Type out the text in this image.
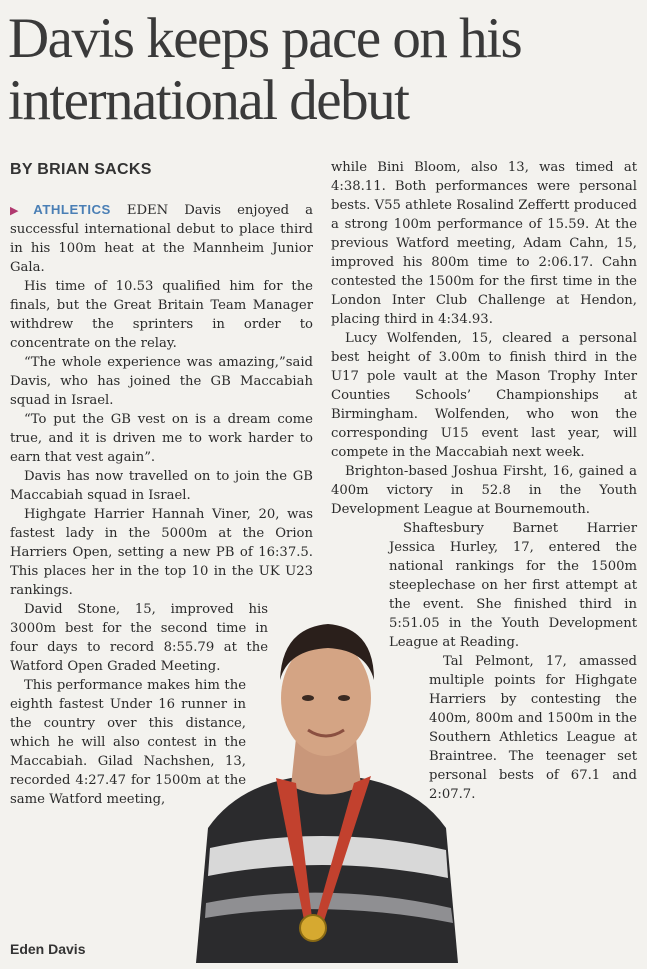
Davis keeps pace on his international debut
BY BRIAN SACKS

▶ ATHLETICS EDEN Davis enjoyed a successful international debut to place third in his 100m heat at the Mannheim Junior Gala.

His time of 10.53 qualified him for the finals, but the Great Britain Team Manager withdrew the sprinters in order to concentrate on the relay.

“The whole experience was amazing,”said Davis, who has joined the GB Maccabiah squad in Israel.

“To put the GB vest on is a dream come true, and it is driven me to work harder to earn that vest again”.

Davis has now travelled on to join the GB Maccabiah squad in Israel.

Highgate Harrier Hannah Viner, 20, was fastest lady in the 5000m at the Orion Harriers Open, setting a new PB of 16:37.5. This places her in the top 10 in the UK U23 rankings.

David Stone, 15, improved his 3000m best for the second time in four days to record 8:55.79 at the Watford Open Graded Meeting.

This performance makes him the eighth fastest Under 16 runner in the country over this distance, which he will also contest in the Maccabiah. Gilad Nachshen, 13, recorded 4:27.47 for 1500m at the same Watford meeting,

while Bini Bloom, also 13, was timed at 4:38.11. Both performances were personal bests. V55 athlete Rosalind Zeffertt produced a strong 100m performance of 15.59. At the previous Watford meeting, Adam Cahn, 15, improved his 800m time to 2:06.17. Cahn contested the 1500m for the first time in the London Inter Club Challenge at Hendon, placing third in 4:34.93.

Lucy Wolfenden, 15, cleared a personal best height of 3.00m to finish third in the U17 pole vault at the Mason Trophy Inter Counties Schools’ Championships at Birmingham. Wolfenden, who won the corresponding U15 event last year, will compete in the Maccabiah next week.

Brighton-based Joshua Firsht, 16, gained a 400m victory in 52.8 in the Youth Development League at Bournemouth.

Shaftesbury Barnet Harrier Jessica Hurley, 17, entered the national rankings for the 1500m steeplechase on her first attempt at the event. She finished third in 5:51.05 in the Youth Development League at Reading.

Tal Pelmont, 17, amassed multiple points for Highgate Harriers by contesting the 400m, 800m and 1500m in the Southern Athletics League at Braintree. The teenager set personal bests of 67.1 and 2:07.7.

Eden Davis
